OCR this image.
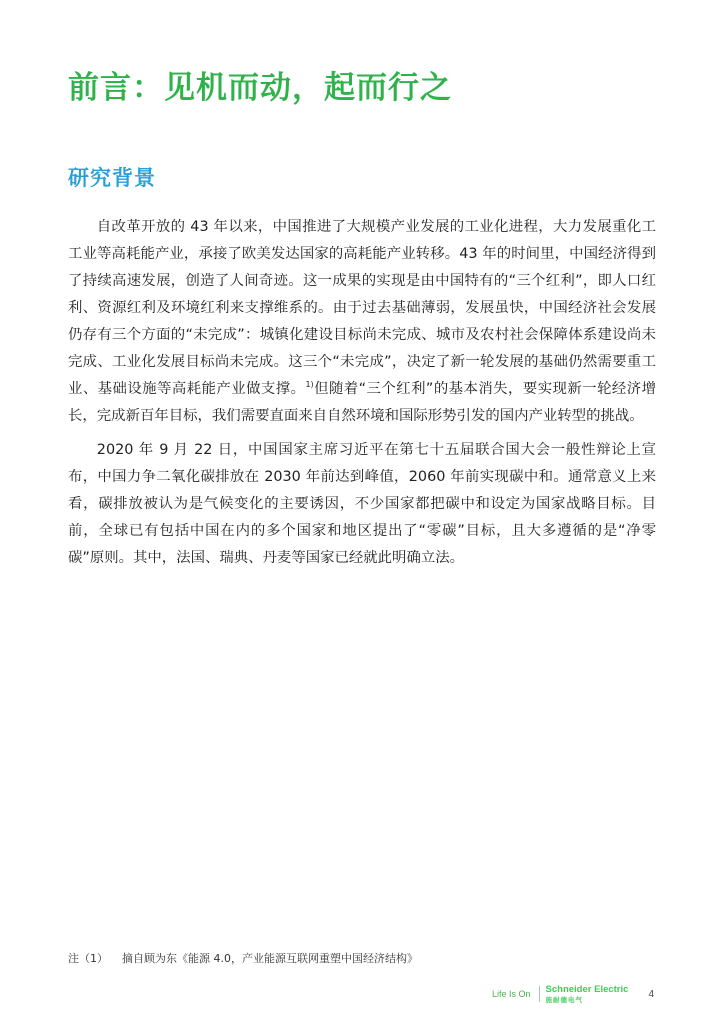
前言：见机而动，起而行之
研究背景

自改革开放的 43 年以来，中国推进了大规模产业发展的工业化进程，大力发展重化工工业等高耗能产业，承接了欧美发达国家的高耗能产业转移。43 年的时间里，中国经济得到了持续高速发展，创造了人间奇迹。这一成果的实现是由中国特有的“三个红利”，即人口红利、资源红利及环境红利来支撑维系的。由于过去基础薄弱，发展虽快，中国经济社会发展仍存有三个方面的“未完成”：城镇化建设目标尚未完成、城市及农村社会保障体系建设尚未完成、工业化发展目标尚未完成。这三个“未完成”，决定了新一轮发展的基础仍然需要重工业、基础设施等高耗能产业做支撑。$^{1)}$但随着“三个红利”的基本消失，要实现新一轮经济增长，完成新百年目标，我们需要直面来自自然环境和国际形势引发的国内产业转型的挑战。

2020 年 9 月 22 日，中国国家主席习近平在第七十五届联合国大会一般性辩论上宣布，中国力争二氧化碳排放在 2030 年前达到峰值，2060 年前实现碳中和。通常意义上来看，碳排放被认为是气候变化的主要诱因，不少国家都把碳中和设定为国家战略目标。目前，全球已有包括中国在内的多个国家和地区提出了“零碳”目标，且大多遵循的是“净零碳”原则。其中，法国、瑞典、丹麦等国家已经就此明确立法。

注（1） 摘自顾为东《能源 4.0，产业能源互联网重塑中国经济结构》
Life Is On Schneider Electric
施耐德电气	4
